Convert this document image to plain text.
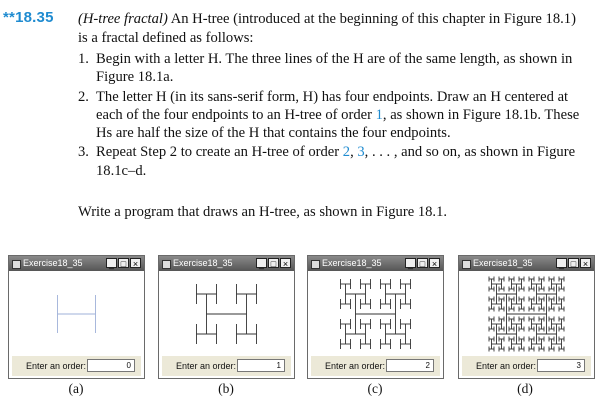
**18.35 (H-tree fractal) An H-tree (introduced at the beginning of this chapter in Figure 18.1) is a fractal defined as follows:
1. Begin with a letter H. The three lines of the H are of the same length, as shown in Figure 18.1a.
2. The letter H (in its sans-serif form, H) has four endpoints. Draw an H centered at each of the four endpoints to an H-tree of order 1, as shown in Figure 18.1b. These Hs are half the size of the H that contains the four endpoints.
3. Repeat Step 2 to create an H-tree of order 2, 3, . . . , and so on, as shown in Figure 18.1c–d.
Write a program that draws an H-tree, as shown in Figure 18.1.
Exercise18_35	_ □ ×
Enter an order:	0
(a)
Exercise18_35	_ □ ×
Enter an order:	1
(b)
Exercise18_35	_ □ ×
Enter an order:	2
(c)
Exercise18_35	_ □ ×
Enter an order:	3
(d)
